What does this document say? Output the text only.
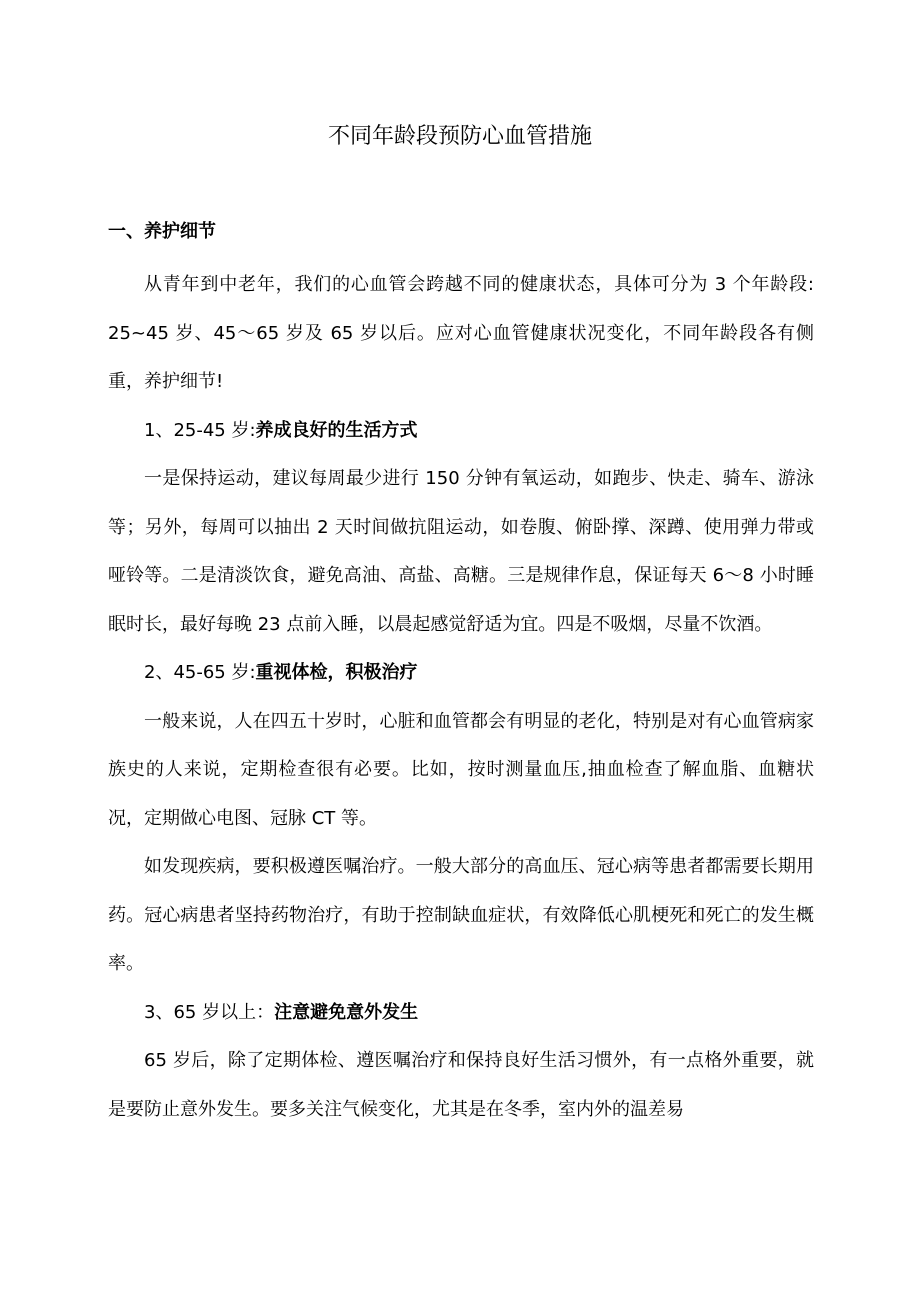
不同年龄段预防心血管措施

一、养护细节

从青年到中老年，我们的心血管会跨越不同的健康状态，具体可分为 3 个年龄段: 25~45 岁、45～65 岁及 65 岁以后。应对心血管健康状况变化，不同年龄段各有侧重，养护细节!

1、25-45 岁:养成良好的生活方式

一是保持运动，建议每周最少进行 150 分钟有氧运动，如跑步、快走、骑车、游泳等；另外，每周可以抽出 2 天时间做抗阻运动，如卷腹、俯卧撑、深蹲、使用弹力带或哑铃等。二是清淡饮食，避免高油、高盐、高糖。三是规律作息，保证每天 6～8 小时睡眠时长，最好每晚 23 点前入睡，以晨起感觉舒适为宜。四是不吸烟，尽量不饮酒。

2、45-65 岁:重视体检，积极治疗

一般来说，人在四五十岁时，心脏和血管都会有明显的老化，特别是对有心血管病家族史的人来说，定期检查很有必要。比如，按时测量血压,抽血检查了解血脂、血糖状况，定期做心电图、冠脉 CT 等。

如发现疾病，要积极遵医嘱治疗。一般大部分的高血压、冠心病等患者都需要长期用药。冠心病患者坚持药物治疗，有助于控制缺血症状，有效降低心肌梗死和死亡的发生概率。

3、65 岁以上：注意避免意外发生

65 岁后，除了定期体检、遵医嘱治疗和保持良好生活习惯外，有一点格外重要，就是要防止意外发生。要多关注气候变化，尤其是在冬季，室内外的温差易
